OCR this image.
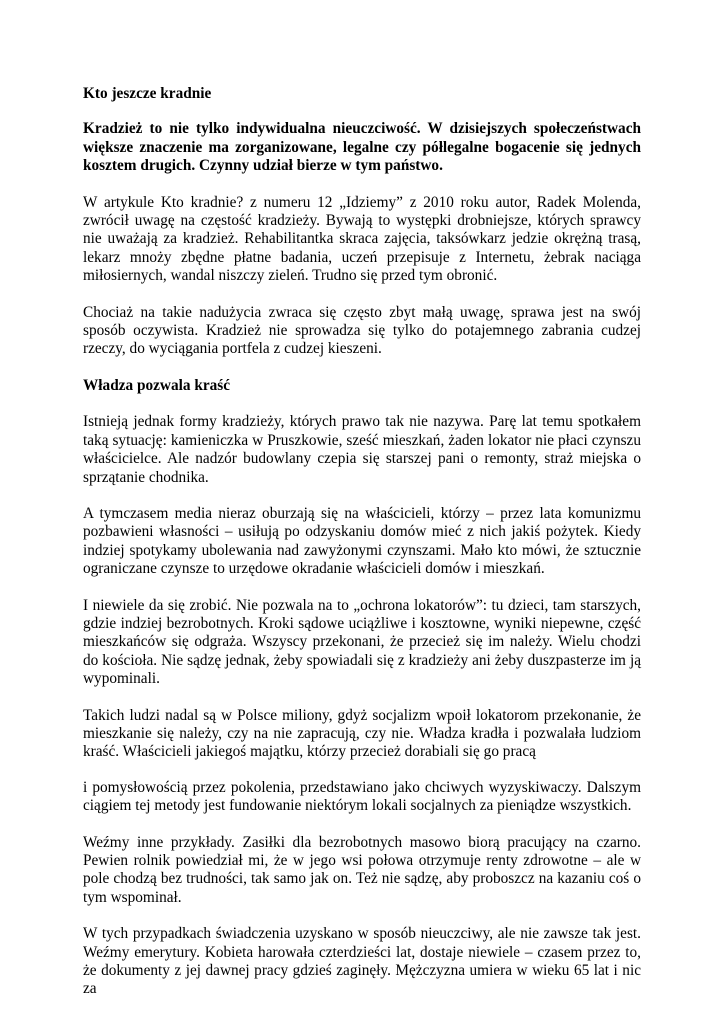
Kto jeszcze kradnie
Kradzież to nie tylko indywidualna nieuczciwość. W dzisiejszych społeczeństwach większe znaczenie ma zorganizowane, legalne czy półlegalne bogacenie się jednych kosztem drugich. Czynny udział bierze w tym państwo.
W artykule Kto kradnie? z numeru 12 „Idziemy” z 2010 roku autor, Radek Molenda, zwrócił uwagę na częstość kradzieży. Bywają to występki drobniejsze, których sprawcy nie uważają za kradzież. Rehabilitantka skraca zajęcia, taksówkarz jedzie okrężną trasą, lekarz mnoży zbędne płatne badania, uczeń przepisuje z Internetu, żebrak naciąga miłosiernych, wandal niszczy zieleń. Trudno się przed tym obronić.
Chociaż na takie nadużycia zwraca się często zbyt małą uwagę, sprawa jest na swój sposób oczywista. Kradzież nie sprowadza się tylko do potajemnego zabrania cudzej rzeczy, do wyciągania portfela z cudzej kieszeni.
Władza pozwala kraść
Istnieją jednak formy kradzieży, których prawo tak nie nazywa. Parę lat temu spotkałem taką sytuację: kamieniczka w Pruszkowie, sześć mieszkań, żaden lokator nie płaci czynszu właścicielce. Ale nadzór budowlany czepia się starszej pani o remonty, straż miejska o sprzątanie chodnika.
A tymczasem media nieraz oburzają się na właścicieli, którzy – przez lata komunizmu pozbawieni własności – usiłują po odzyskaniu domów mieć z nich jakiś pożytek. Kiedy indziej spotykamy ubolewania nad zawyżonymi czynszami. Mało kto mówi, że sztucznie ograniczane czynsze to urzędowe okradanie właścicieli domów i mieszkań.
I niewiele da się zrobić. Nie pozwala na to „ochrona lokatorów”: tu dzieci, tam starszych, gdzie indziej bezrobotnych. Kroki sądowe uciążliwe i kosztowne, wyniki niepewne, część mieszkańców się odgraża. Wszyscy przekonani, że przecież się im należy. Wielu chodzi do kościoła. Nie sądzę jednak, żeby spowiadali się z kradzieży ani żeby duszpasterze im ją wypominali.
Takich ludzi nadal są w Polsce miliony, gdyż socjalizm wpoił lokatorom przekonanie, że mieszkanie się należy, czy na nie zapracują, czy nie. Władza kradła i pozwalała ludziom kraść. Właścicieli jakiegoś majątku, którzy przecież dorabiali się go pracą
i pomysłowością przez pokolenia, przedstawiano jako chciwych wyzyskiwaczy. Dalszym ciągiem tej metody jest fundowanie niektórym lokali socjalnych za pieniądze wszystkich.
Weźmy inne przykłady. Zasiłki dla bezrobotnych masowo biorą pracujący na czarno. Pewien rolnik powiedział mi, że w jego wsi połowa otrzymuje renty zdrowotne – ale w pole chodzą bez trudności, tak samo jak on. Też nie sądzę, aby proboszcz na kazaniu coś o tym wspominał.
W tych przypadkach świadczenia uzyskano w sposób nieuczciwy, ale nie zawsze tak jest. Weźmy emerytury. Kobieta harowała czterdzieści lat, dostaje niewiele – czasem przez to, że dokumenty z jej dawnej pracy gdzieś zaginęły. Mężczyzna umiera w wieku 65 lat i nic za
